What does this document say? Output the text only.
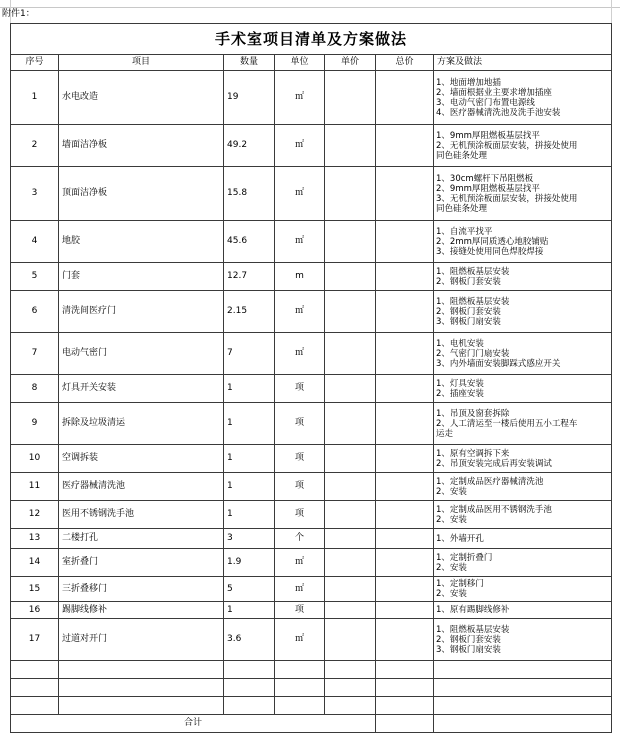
附件1：
手术室项目清单及方案做法						
序号	项目	数量	单位	单价	总价	方案及做法
1	水电改造	19	㎡			1、地面增加地插
2、墙面根据业主要求增加插座
3、电动气密门布置电源线
4、医疗器械清洗池及洗手池安装

2	墙面洁净板	49.2	㎡			1、9mm厚阻燃板基层找平
2、无机预涂板面层安装，拼接处使用
同色硅条处理

3	顶面洁净板	15.8	㎡			1、30cm螺杆下吊阻燃板
2、9mm厚阻燃板基层找平
3、无机预涂板面层安装，拼接处使用
同色硅条处理

4	地胶	45.6	㎡			1、自流平找平
2、2mm厚同质透心地胶铺贴
3、接缝处使用同色焊胶焊接

5	门套	12.7	m			1、阻燃板基层安装
2、钢板门套安装

6	清洗间医疗门	2.15	㎡			1、阻燃板基层安装
2、钢板门套安装
3、钢板门扇安装

7	电动气密门	7	㎡			1、电机安装
2、气密门门扇安装
3、内外墙面安装脚踩式感应开关

8	灯具开关安装	1	项			1、灯具安装
2、插座安装

9	拆除及垃圾清运	1	项			1、吊顶及窗套拆除
2、人工清运至一楼后使用五小工程车
运走

10	空调拆装	1	项			1、原有空调拆下来
2、吊顶安装完成后再安装调试

11	医疗器械清洗池	1	项			1、定制成品医疗器械清洗池
2、安装

12	医用不锈钢洗手池	1	项			1、定制成品医用不锈钢洗手池
2、安装

13	二楼打孔	3	个			1、外墙开孔

14	室折叠门	1.9	㎡			1、定制折叠门
2、安装

15	三折叠移门	5	㎡			1、定制移门
2、安装

16	踢脚线修补	1	项			1、原有踢脚线修补

17	过道对开门	3.6	㎡			1、阻燃板基层安装
2、钢板门套安装
3、钢板门扇安装

合计						
